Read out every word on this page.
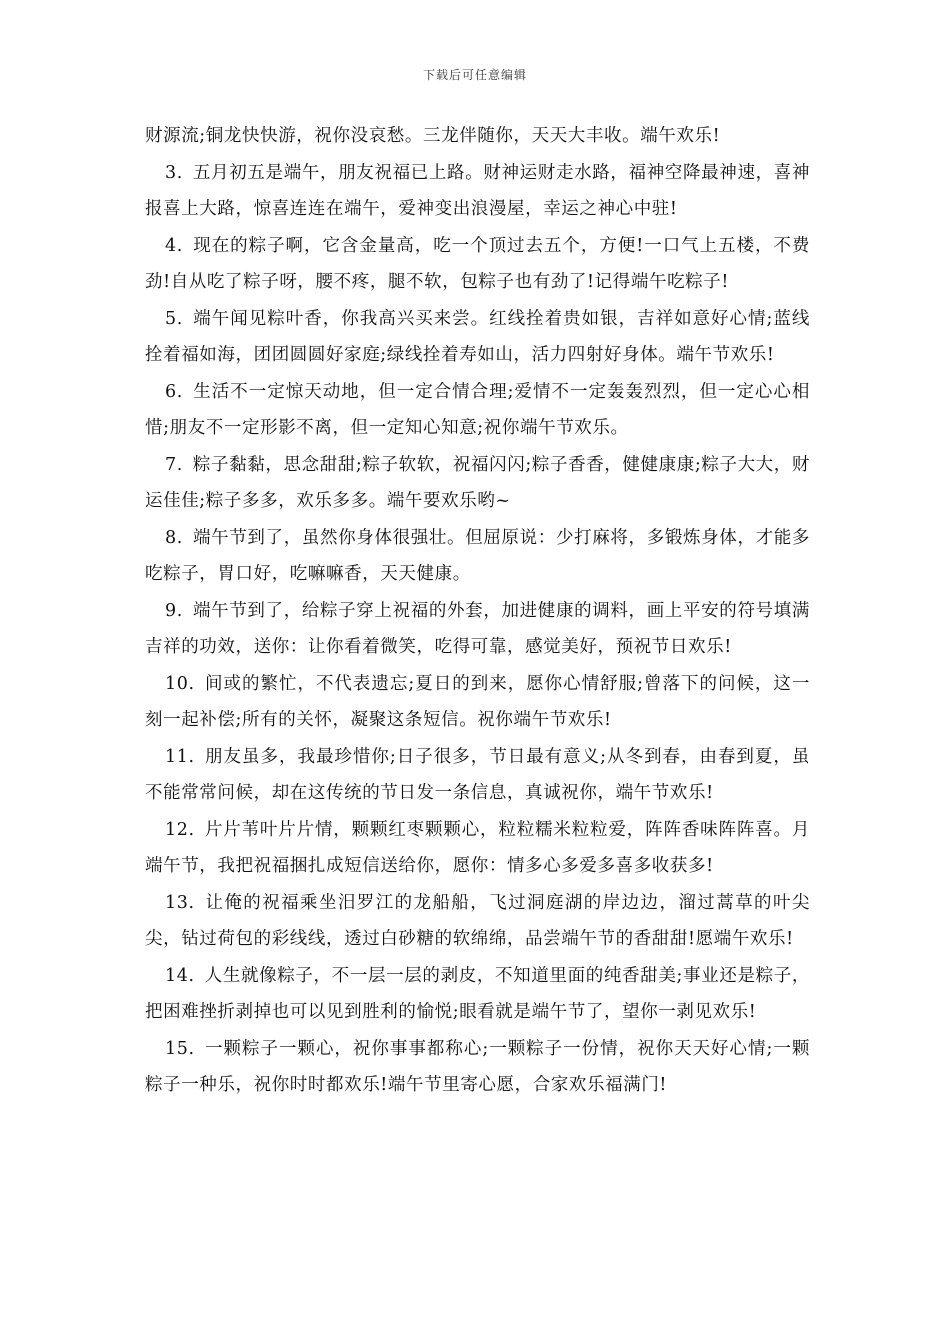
下载后可任意编辑

财源流;铜龙快快游，祝你没哀愁。三龙伴随你，天天大丰收。端午欢乐!

3. 五月初五是端午，朋友祝福已上路。财神运财走水路，福神空降最神速，喜神报喜上大路，惊喜连连在端午，爱神变出浪漫屋，幸运之神心中驻!

4. 现在的粽子啊，它含金量高，吃一个顶过去五个，方便!一口气上五楼，不费劲!自从吃了粽子呀，腰不疼，腿不软，包粽子也有劲了!记得端午吃粽子!

5. 端午闻见粽叶香，你我高兴买来尝。红线拴着贵如银，吉祥如意好心情;蓝线拴着福如海，团团圆圆好家庭;绿线拴着寿如山，活力四射好身体。端午节欢乐!

6. 生活不一定惊天动地，但一定合情合理;爱情不一定轰轰烈烈，但一定心心相惜;朋友不一定形影不离，但一定知心知意;祝你端午节欢乐。

7. 粽子黏黏，思念甜甜;粽子软软，祝福闪闪;粽子香香，健健康康;粽子大大，财运佳佳;粽子多多，欢乐多多。端午要欢乐哟~

8. 端午节到了，虽然你身体很强壮。但屈原说：少打麻将，多锻炼身体，才能多吃粽子，胃口好，吃嘛嘛香，天天健康。

9. 端午节到了，给粽子穿上祝福的外套，加进健康的调料，画上平安的符号填满吉祥的功效，送你：让你看着微笑，吃得可靠，感觉美好，预祝节日欢乐!

10. 间或的繁忙，不代表遗忘;夏日的到来，愿你心情舒服;曾落下的问候，这一刻一起补偿;所有的关怀，凝聚这条短信。祝你端午节欢乐!

11. 朋友虽多，我最珍惜你;日子很多，节日最有意义;从冬到春，由春到夏，虽不能常常问候，却在这传统的节日发一条信息，真诚祝你，端午节欢乐!

12. 片片苇叶片片情，颗颗红枣颗颗心，粒粒糯米粒粒爱，阵阵香味阵阵喜。月端午节，我把祝福捆扎成短信送给你，愿你：情多心多爱多喜多收获多!

13. 让俺的祝福乘坐汨罗江的龙船船，飞过洞庭湖的岸边边，溜过蒿草的叶尖尖，钻过荷包的彩线线，透过白砂糖的软绵绵，品尝端午节的香甜甜!愿端午欢乐!

14. 人生就像粽子，不一层一层的剥皮，不知道里面的纯香甜美;事业还是粽子，把困难挫折剥掉也可以见到胜利的愉悦;眼看就是端午节了，望你一剥见欢乐!

15. 一颗粽子一颗心，祝你事事都称心;一颗粽子一份情，祝你天天好心情;一颗粽子一种乐，祝你时时都欢乐!端午节里寄心愿，合家欢乐福满门!
